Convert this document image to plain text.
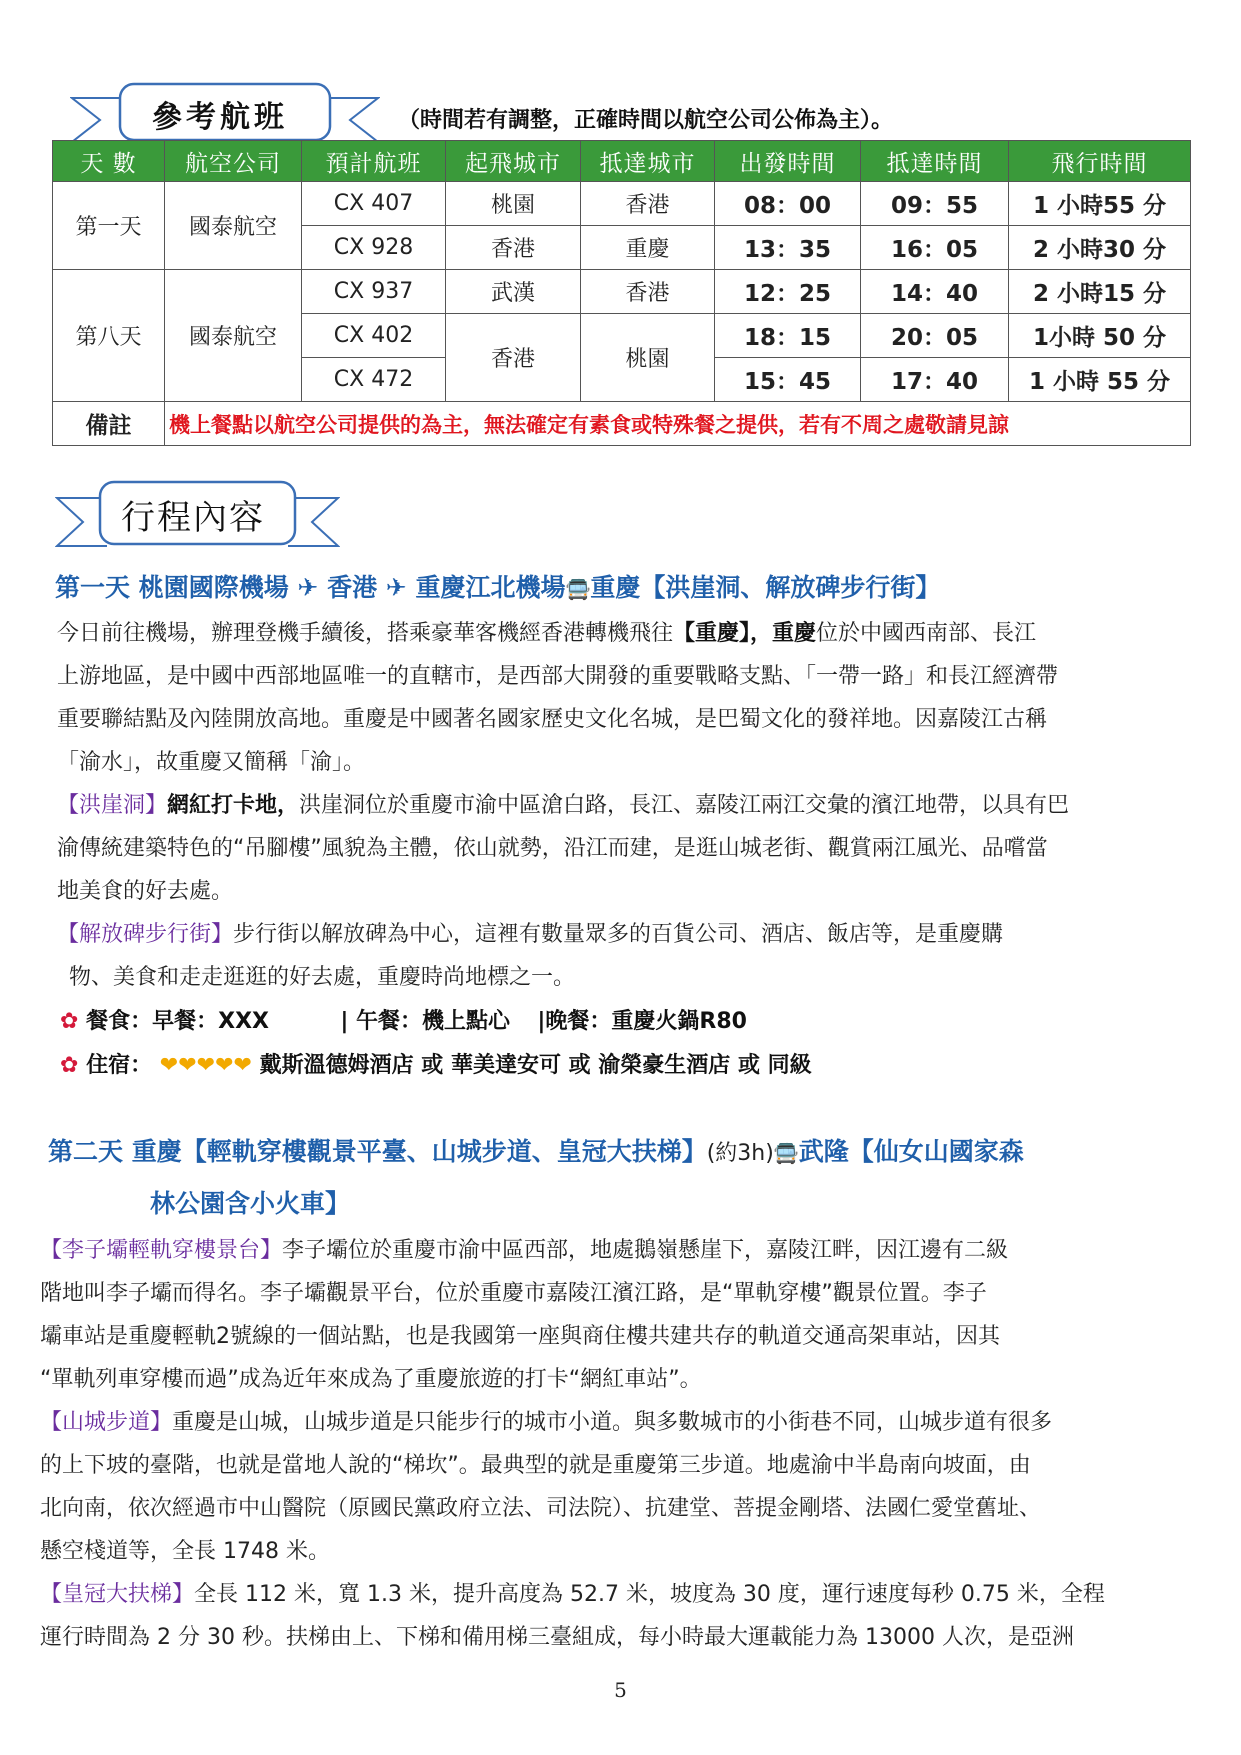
參考航班	（時間若有調整，正確時間以航空公司公佈為主）。
天 數	航空公司	預計航班	起飛城市	抵達城市	出發時間	抵達時間	飛行時間
第一天	國泰航空	CX 407	桃園	香港	08：00	09：55	1 小時55 分
		CX 928	香港	重慶	13：35	16：05	2 小時30 分
第八天	國泰航空	CX 937	武漢	香港	12：25	14：40	2 小時15 分
		CX 402	香港	桃園	18：15	20：05	1小時 50 分
		CX 472			15：45	17：40	1 小時 55 分
備註	機上餐點以航空公司提供的為主，無法確定有素食或特殊餐之提供，若有不周之處敬請見諒						
行程內容
第一天 桃園國際機場 ✈ 香港 ✈ 重慶江北機場🚍重慶【洪崖洞、解放碑步行街】
今日前往機場，辦理登機手續後，搭乘豪華客機經香港轉機飛往【重慶】，重慶位於中國西南部、長江
上游地區，是中國中西部地區唯一的直轄市，是西部大開發的重要戰略支點、「一帶一路」和長江經濟帶
重要聯結點及內陸開放高地。重慶是中國著名國家歷史文化名城，是巴蜀文化的發祥地。因嘉陵江古稱
「渝水」，故重慶又簡稱「渝」。
【洪崖洞】網紅打卡地，洪崖洞位於重慶市渝中區滄白路，長江、嘉陵江兩江交彙的濱江地帶，以具有巴
渝傳統建築特色的“吊腳樓”風貌為主體，依山就勢，沿江而建，是逛山城老街、觀賞兩江風光、品嚐當
地美食的好去處。
【解放碑步行街】步行街以解放碑為中心，這裡有數量眾多的百貨公司、酒店、飯店等，是重慶購
物、美食和走走逛逛的好去處，重慶時尚地標之一。
✿ 餐食：早餐：XXX	| 午餐：機上點心 |晚餐：重慶火鍋R80
✿ 住宿： ❤❤❤❤❤ 戴斯溫德姆酒店 或 華美達安可 或 渝榮豪生酒店 或 同級
第二天 重慶【輕軌穿樓觀景平臺、山城步道、皇冠大扶梯】(約3h)🚍武隆【仙女山國家森
林公園含小火車】
【李子壩輕軌穿樓景台】李子壩位於重慶市渝中區西部，地處鵝嶺懸崖下，嘉陵江畔，因江邊有二級
階地叫李子壩而得名。李子壩觀景平台，位於重慶市嘉陵江濱江路，是“單軌穿樓”觀景位置。李子
壩車站是重慶輕軌2號線的一個站點，也是我國第一座與商住樓共建共存的軌道交通高架車站，因其
“單軌列車穿樓而過”成為近年來成為了重慶旅遊的打卡“網紅車站”。
【山城步道】重慶是山城，山城步道是只能步行的城市小道。與多數城市的小街巷不同，山城步道有很多
的上下坡的臺階，也就是當地人說的“梯坎”。最典型的就是重慶第三步道。地處渝中半島南向坡面，由
北向南，依次經過市中山醫院（原國民黨政府立法、司法院）、抗建堂、菩提金剛塔、法國仁愛堂舊址、
懸空棧道等，全長 1748 米。
【皇冠大扶梯】全長 112 米，寬 1.3 米，提升高度為 52.7 米，坡度為 30 度，運行速度每秒 0.75 米，全程
運行時間為 2 分 30 秒。扶梯由上、下梯和備用梯三臺組成，每小時最大運載能力為 13000 人次，是亞洲
5
